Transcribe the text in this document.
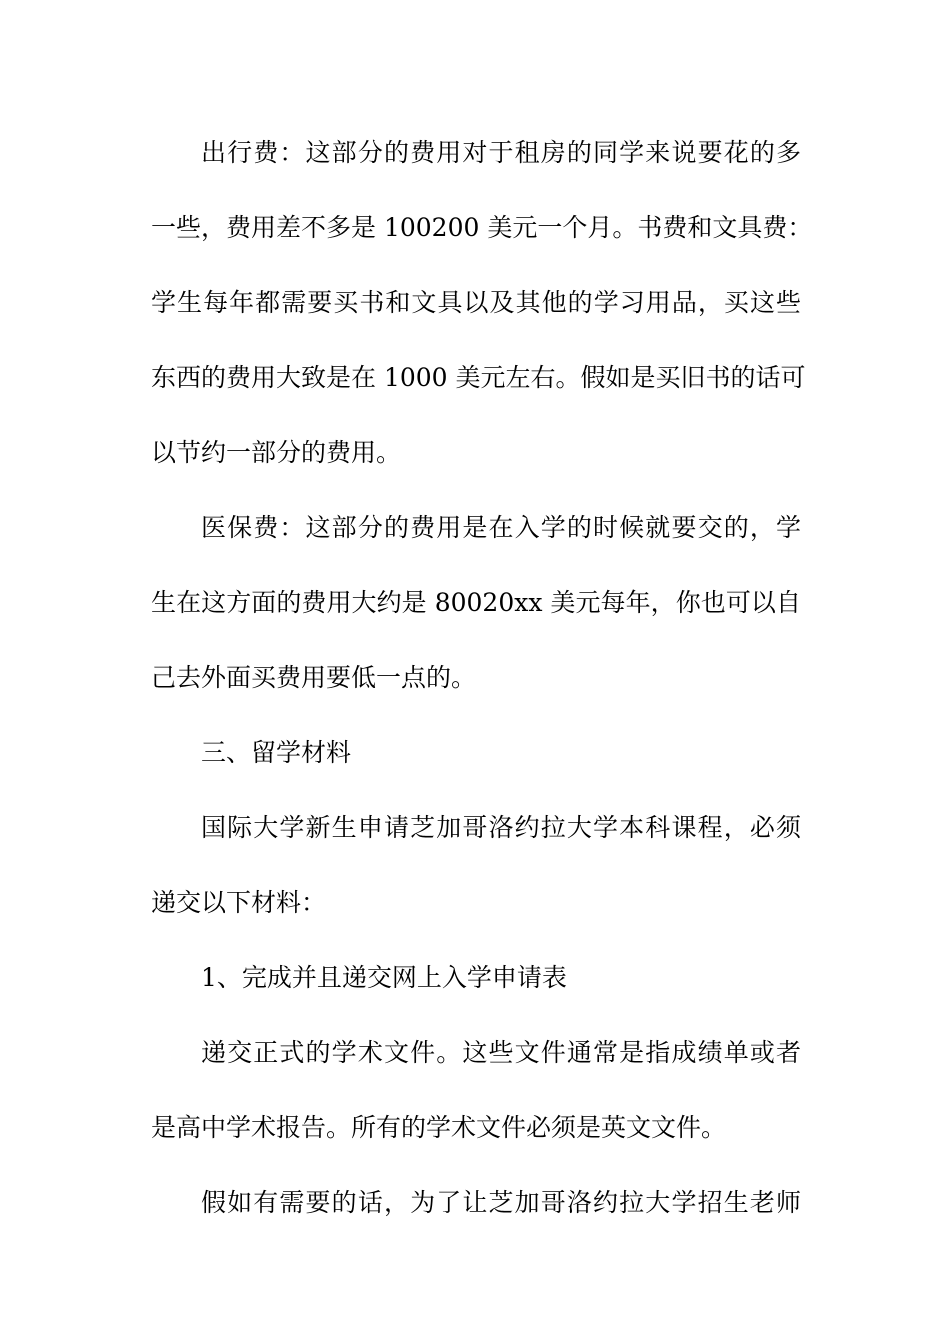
出行费：这部分的费用对于租房的同学来说要花的多
一些，费用差不多是 100200 美元一个月。书费和文具费：
学生每年都需要买书和文具以及其他的学习用品，买这些
东西的费用大致是在 1000 美元左右。假如是买旧书的话可
以节约一部分的费用。
医保费：这部分的费用是在入学的时候就要交的，学
生在这方面的费用大约是 80020xx 美元每年，你也可以自
己去外面买费用要低一点的。
三、留学材料
国际大学新生申请芝加哥洛约拉大学本科课程，必须
递交以下材料：
1、完成并且递交网上入学申请表
递交正式的学术文件。这些文件通常是指成绩单或者
是高中学术报告。所有的学术文件必须是英文文件。
假如有需要的话，为了让芝加哥洛约拉大学招生老师
